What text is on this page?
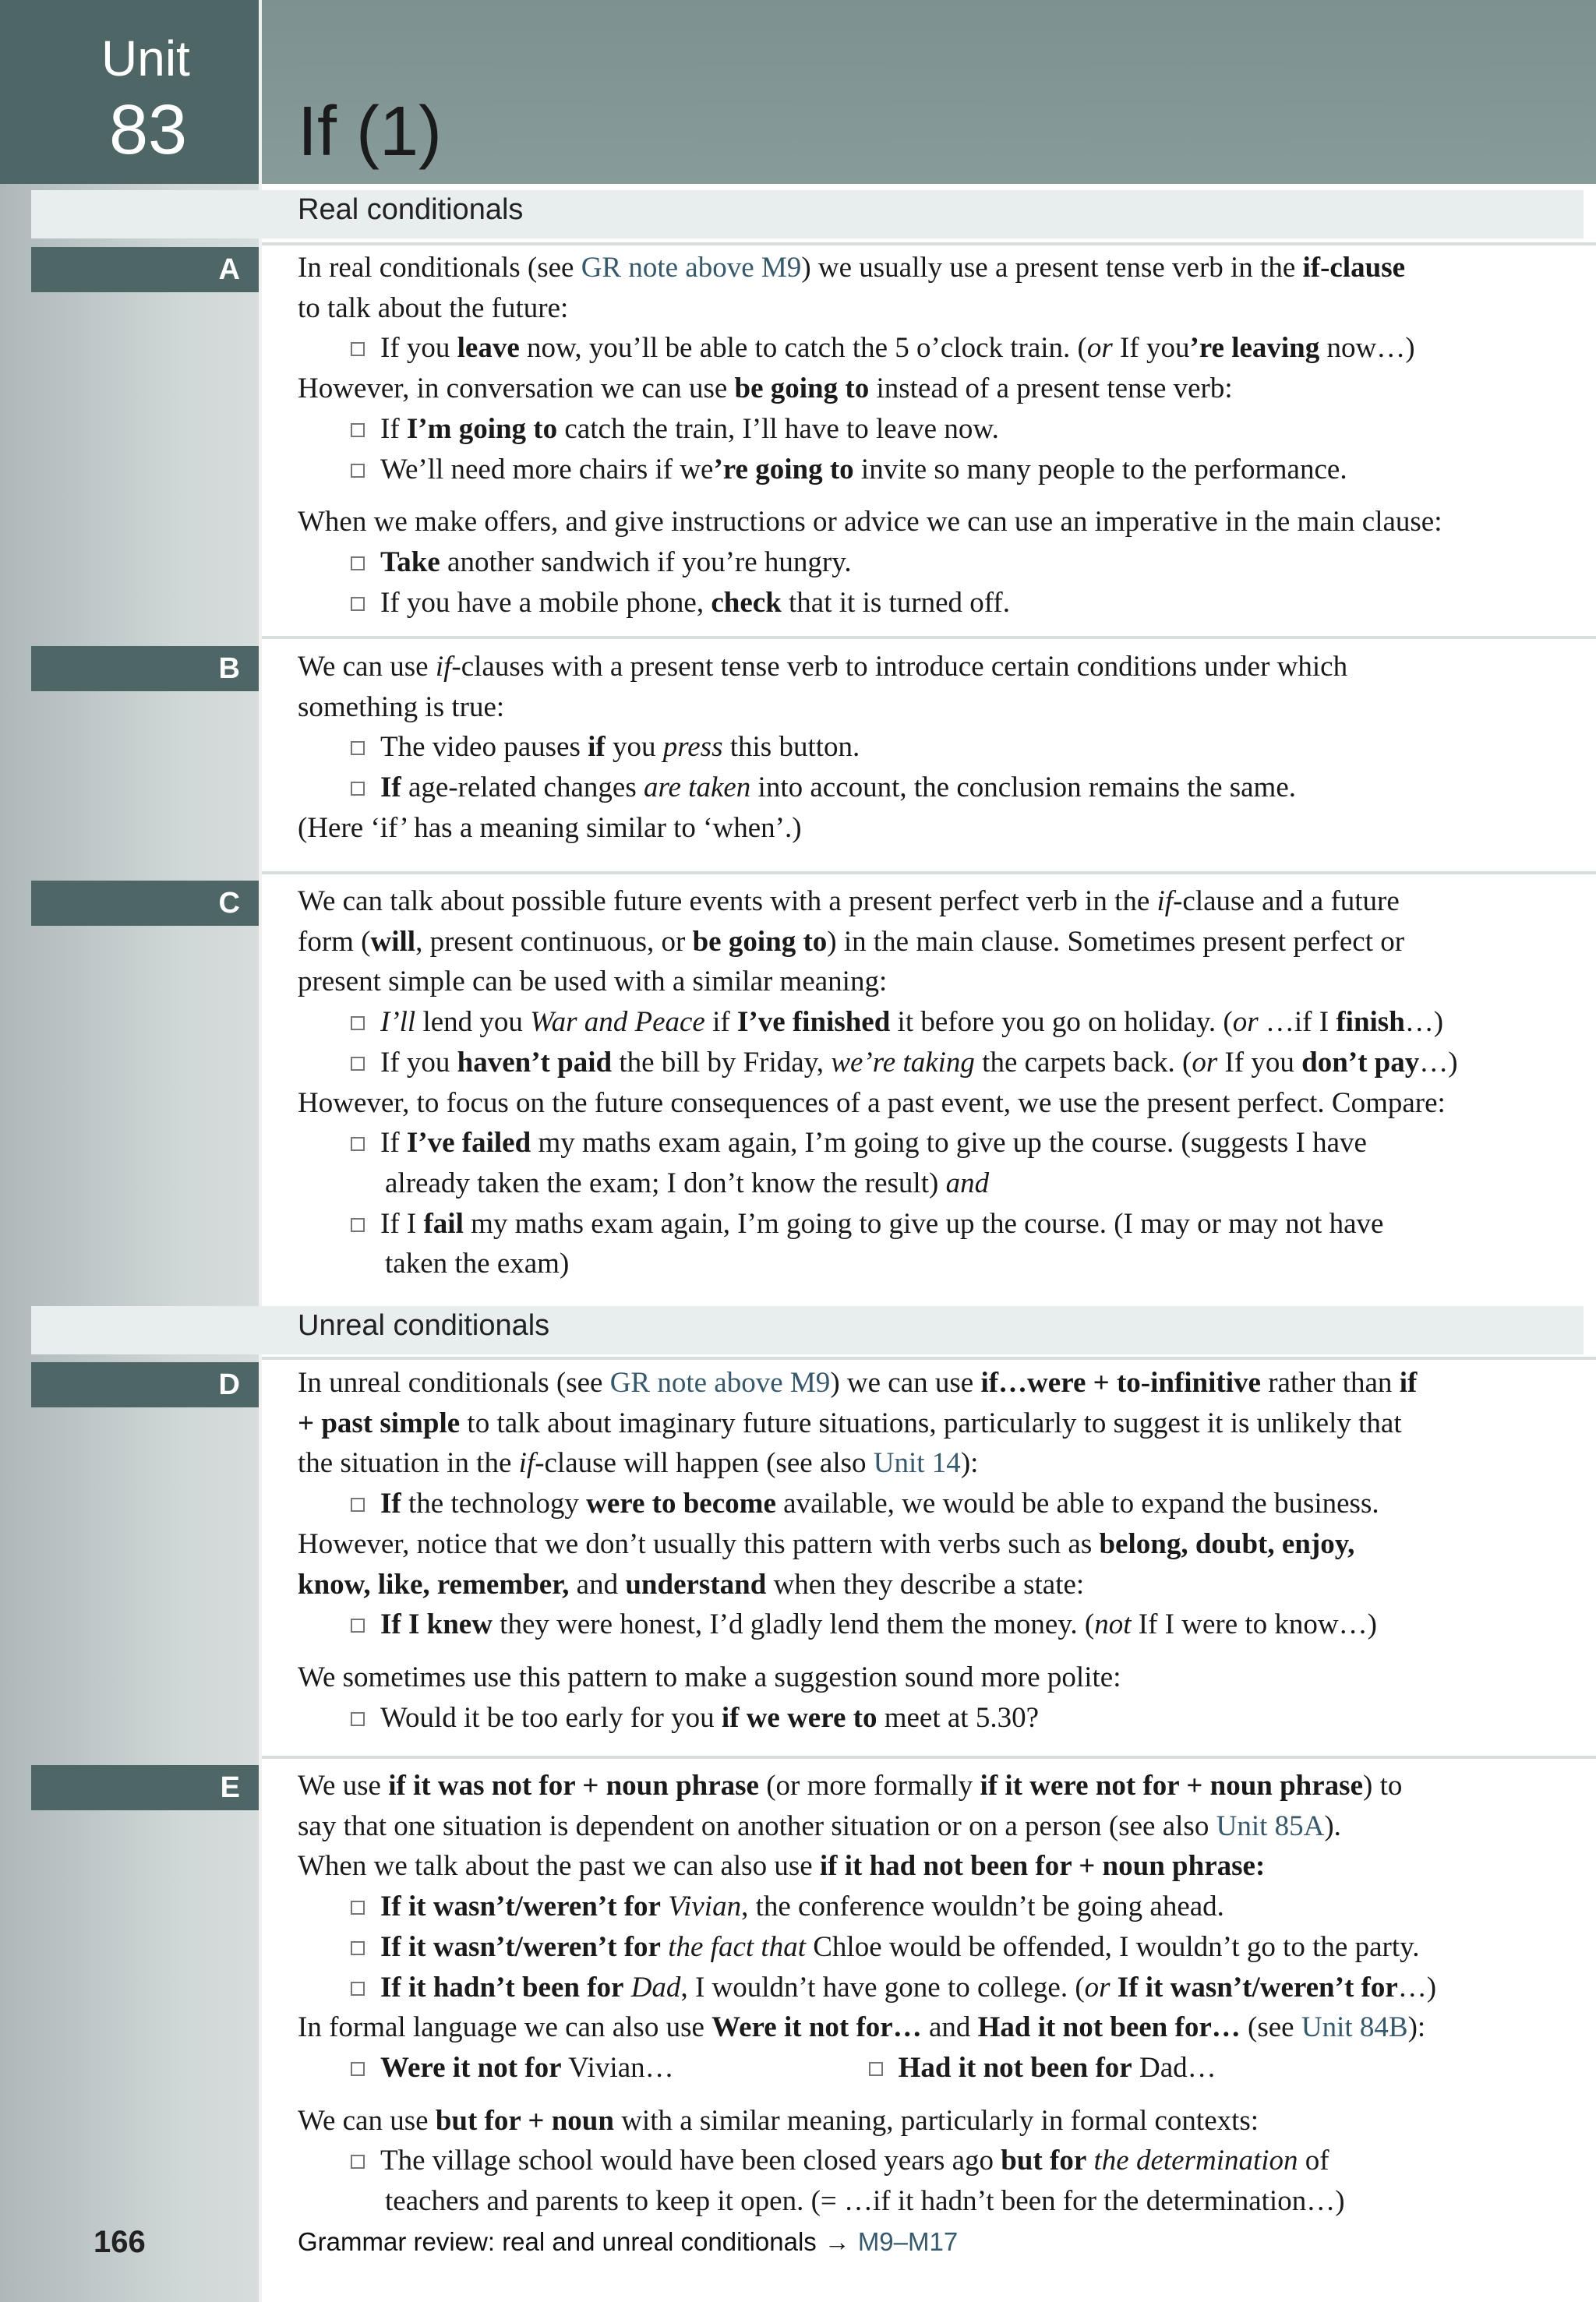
Unit
83 If (1)
Real conditionals
A	In real conditionals (see GR note above M9) we usually use a present tense verb in the if-clause
to talk about the future:
If you leave now, you’ll be able to catch the 5 o’clock train. (or If you’re leaving now…)
However, in conversation we can use be going to instead of a present tense verb:
If I’m going to catch the train, I’ll have to leave now.
We’ll need more chairs if we’re going to invite so many people to the performance.
When we make offers, and give instructions or advice we can use an imperative in the main clause:
Take another sandwich if you’re hungry.
If you have a mobile phone, check that it is turned off.
B	We can use if-clauses with a present tense verb to introduce certain conditions under which
something is true:
The video pauses if you press this button.
If age-related changes are taken into account, the conclusion remains the same.
(Here ‘if’ has a meaning similar to ‘when’.)
C	We can talk about possible future events with a present perfect verb in the if-clause and a future
form (will, present continuous, or be going to) in the main clause. Sometimes present perfect or
present simple can be used with a similar meaning:
I’ll lend you War and Peace if I’ve finished it before you go on holiday. (or …if I finish…)
If you haven’t paid the bill by Friday, we’re taking the carpets back. (or If you don’t pay…)
However, to focus on the future consequences of a past event, we use the present perfect. Compare:
If I’ve failed my maths exam again, I’m going to give up the course. (suggests I have
already taken the exam; I don’t know the result) and
If I fail my maths exam again, I’m going to give up the course. (I may or may not have
taken the exam)
Unreal conditionals
D	In unreal conditionals (see GR note above M9) we can use if…were + to-infinitive rather than if
+ past simple to talk about imaginary future situations, particularly to suggest it is unlikely that
the situation in the if-clause will happen (see also Unit 14):
If the technology were to become available, we would be able to expand the business.
However, notice that we don’t usually this pattern with verbs such as belong, doubt, enjoy,
know, like, remember, and understand when they describe a state:
If I knew they were honest, I’d gladly lend them the money. (not If I were to know…)
We sometimes use this pattern to make a suggestion sound more polite:
Would it be too early for you if we were to meet at 5.30?
E	We use if it was not for + noun phrase (or more formally if it were not for + noun phrase) to
say that one situation is dependent on another situation or on a person (see also Unit 85A).
When we talk about the past we can also use if it had not been for + noun phrase:
If it wasn’t/weren’t for Vivian, the conference wouldn’t be going ahead.
If it wasn’t/weren’t for the fact that Chloe would be offended, I wouldn’t go to the party.
If it hadn’t been for Dad, I wouldn’t have gone to college. (or If it wasn’t/weren’t for…)
In formal language we can also use Were it not for… and Had it not been for… (see Unit 84B):
Were it not for Vivian…	Had it not been for Dad…
We can use but for + noun with a similar meaning, particularly in formal contexts:
The village school would have been closed years ago but for the determination of
teachers and parents to keep it open. (= …if it hadn’t been for the determination…)
166	Grammar review: real and unreal conditionals → M9–M17
